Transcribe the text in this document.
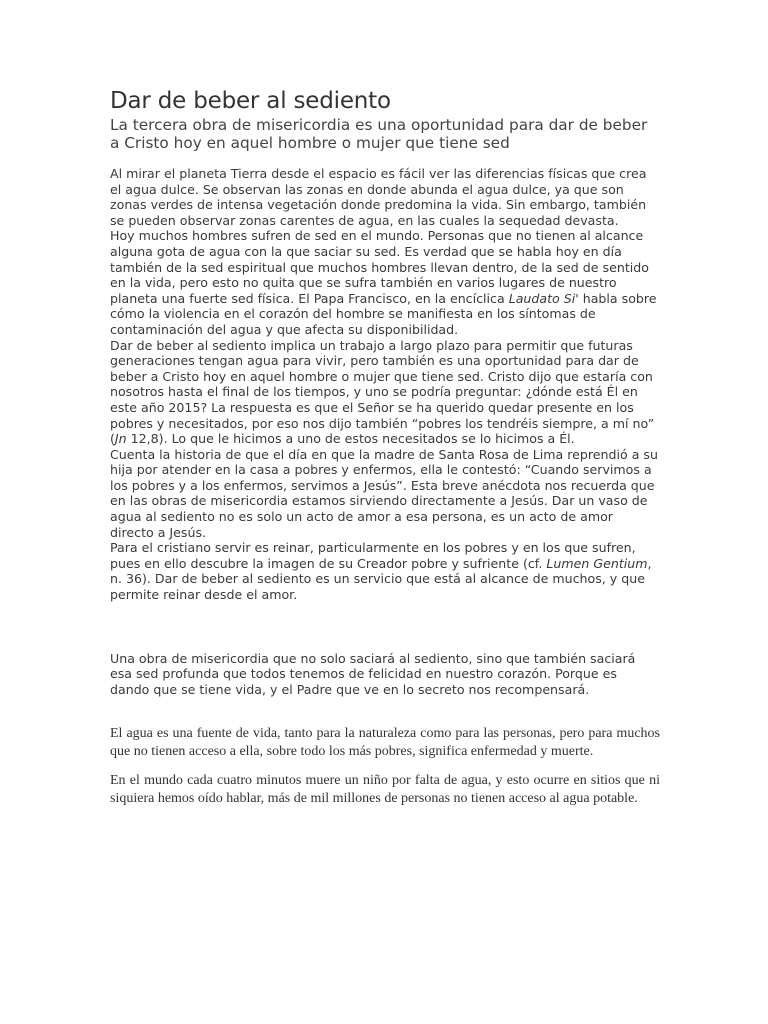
Dar de beber al sediento

La tercera obra de misericordia es una oportunidad para dar de beber a Cristo hoy en aquel hombre o mujer que tiene sed

Al mirar el planeta Tierra desde el espacio es fácil ver las diferencias físicas que crea el agua dulce. Se observan las zonas en donde abunda el agua dulce, ya que son zonas verdes de intensa vegetación donde predomina la vida. Sin embargo, también se pueden observar zonas carentes de agua, en las cuales la sequedad devasta.

Hoy muchos hombres sufren de sed en el mundo. Personas que no tienen al alcance alguna gota de agua con la que saciar su sed. Es verdad que se habla hoy en día también de la sed espiritual que muchos hombres llevan dentro, de la sed de sentido en la vida, pero esto no quita que se sufra también en varios lugares de nuestro planeta una fuerte sed física. El Papa Francisco, en la encíclica Laudato Si' habla sobre cómo la violencia en el corazón del hombre se manifiesta en los síntomas de contaminación del agua y que afecta su disponibilidad.

Dar de beber al sediento implica un trabajo a largo plazo para permitir que futuras generaciones tengan agua para vivir, pero también es una oportunidad para dar de beber a Cristo hoy en aquel hombre o mujer que tiene sed. Cristo dijo que estaría con nosotros hasta el final de los tiempos, y uno se podría preguntar: ¿dónde está Él en este año 2015? La respuesta es que el Señor se ha querido quedar presente en los pobres y necesitados, por eso nos dijo también “pobres los tendréis siempre, a mí no” (Jn 12,8). Lo que le hicimos a uno de estos necesitados se lo hicimos a Él.

Cuenta la historia de que el día en que la madre de Santa Rosa de Lima reprendió a su hija por atender en la casa a pobres y enfermos, ella le contestó: “Cuando servimos a los pobres y a los enfermos, servimos a Jesús”. Esta breve anécdota nos recuerda que en las obras de misericordia estamos sirviendo directamente a Jesús. Dar un vaso de agua al sediento no es solo un acto de amor a esa persona, es un acto de amor directo a Jesús.

Para el cristiano servir es reinar, particularmente en los pobres y en los que sufren, pues en ello descubre la imagen de su Creador pobre y sufriente (cf. Lumen Gentium, n. 36). Dar de beber al sediento es un servicio que está al alcance de muchos, y que permite reinar desde el amor.

Una obra de misericordia que no solo saciará al sediento, sino que también saciará esa sed profunda que todos tenemos de felicidad en nuestro corazón. Porque es dando que se tiene vida, y el Padre que ve en lo secreto nos recompensará.

El agua es una fuente de vida, tanto para la naturaleza como para las personas, pero para muchos que no tienen acceso a ella, sobre todo los más pobres, significa enfermedad y muerte.

En el mundo cada cuatro minutos muere un niño por falta de agua, y esto ocurre en sitios que ni siquiera hemos oído hablar, más de mil millones de personas no tienen acceso al agua potable.
